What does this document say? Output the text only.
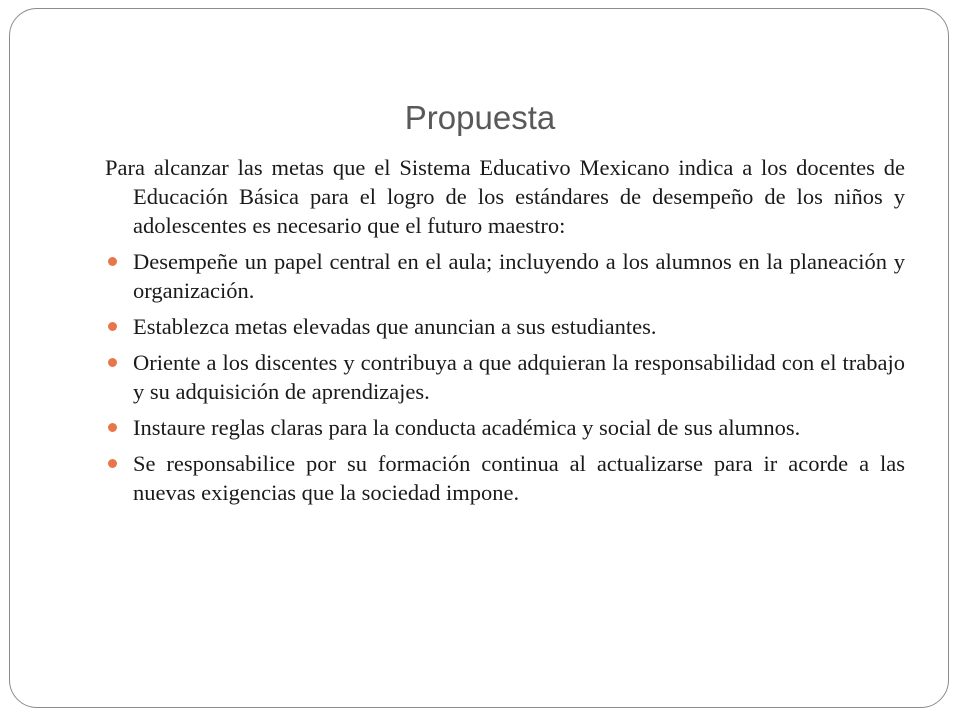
Propuesta

Para alcanzar las metas que el Sistema Educativo Mexicano indica a los docentes de Educación Básica para el logro de los estándares de desempeño de los niños y adolescentes es necesario que el futuro maestro:

Desempeñe un papel central en el aula; incluyendo a los alumnos en la planeación y organización.
Establezca metas elevadas que anuncian a sus estudiantes.
Oriente a los discentes y contribuya a que adquieran la responsabilidad con el trabajo y su adquisición de aprendizajes.
Instaure reglas claras para la conducta académica y social de sus alumnos.
Se responsabilice por su formación continua al actualizarse para ir acorde a las nuevas exigencias que la sociedad impone.
